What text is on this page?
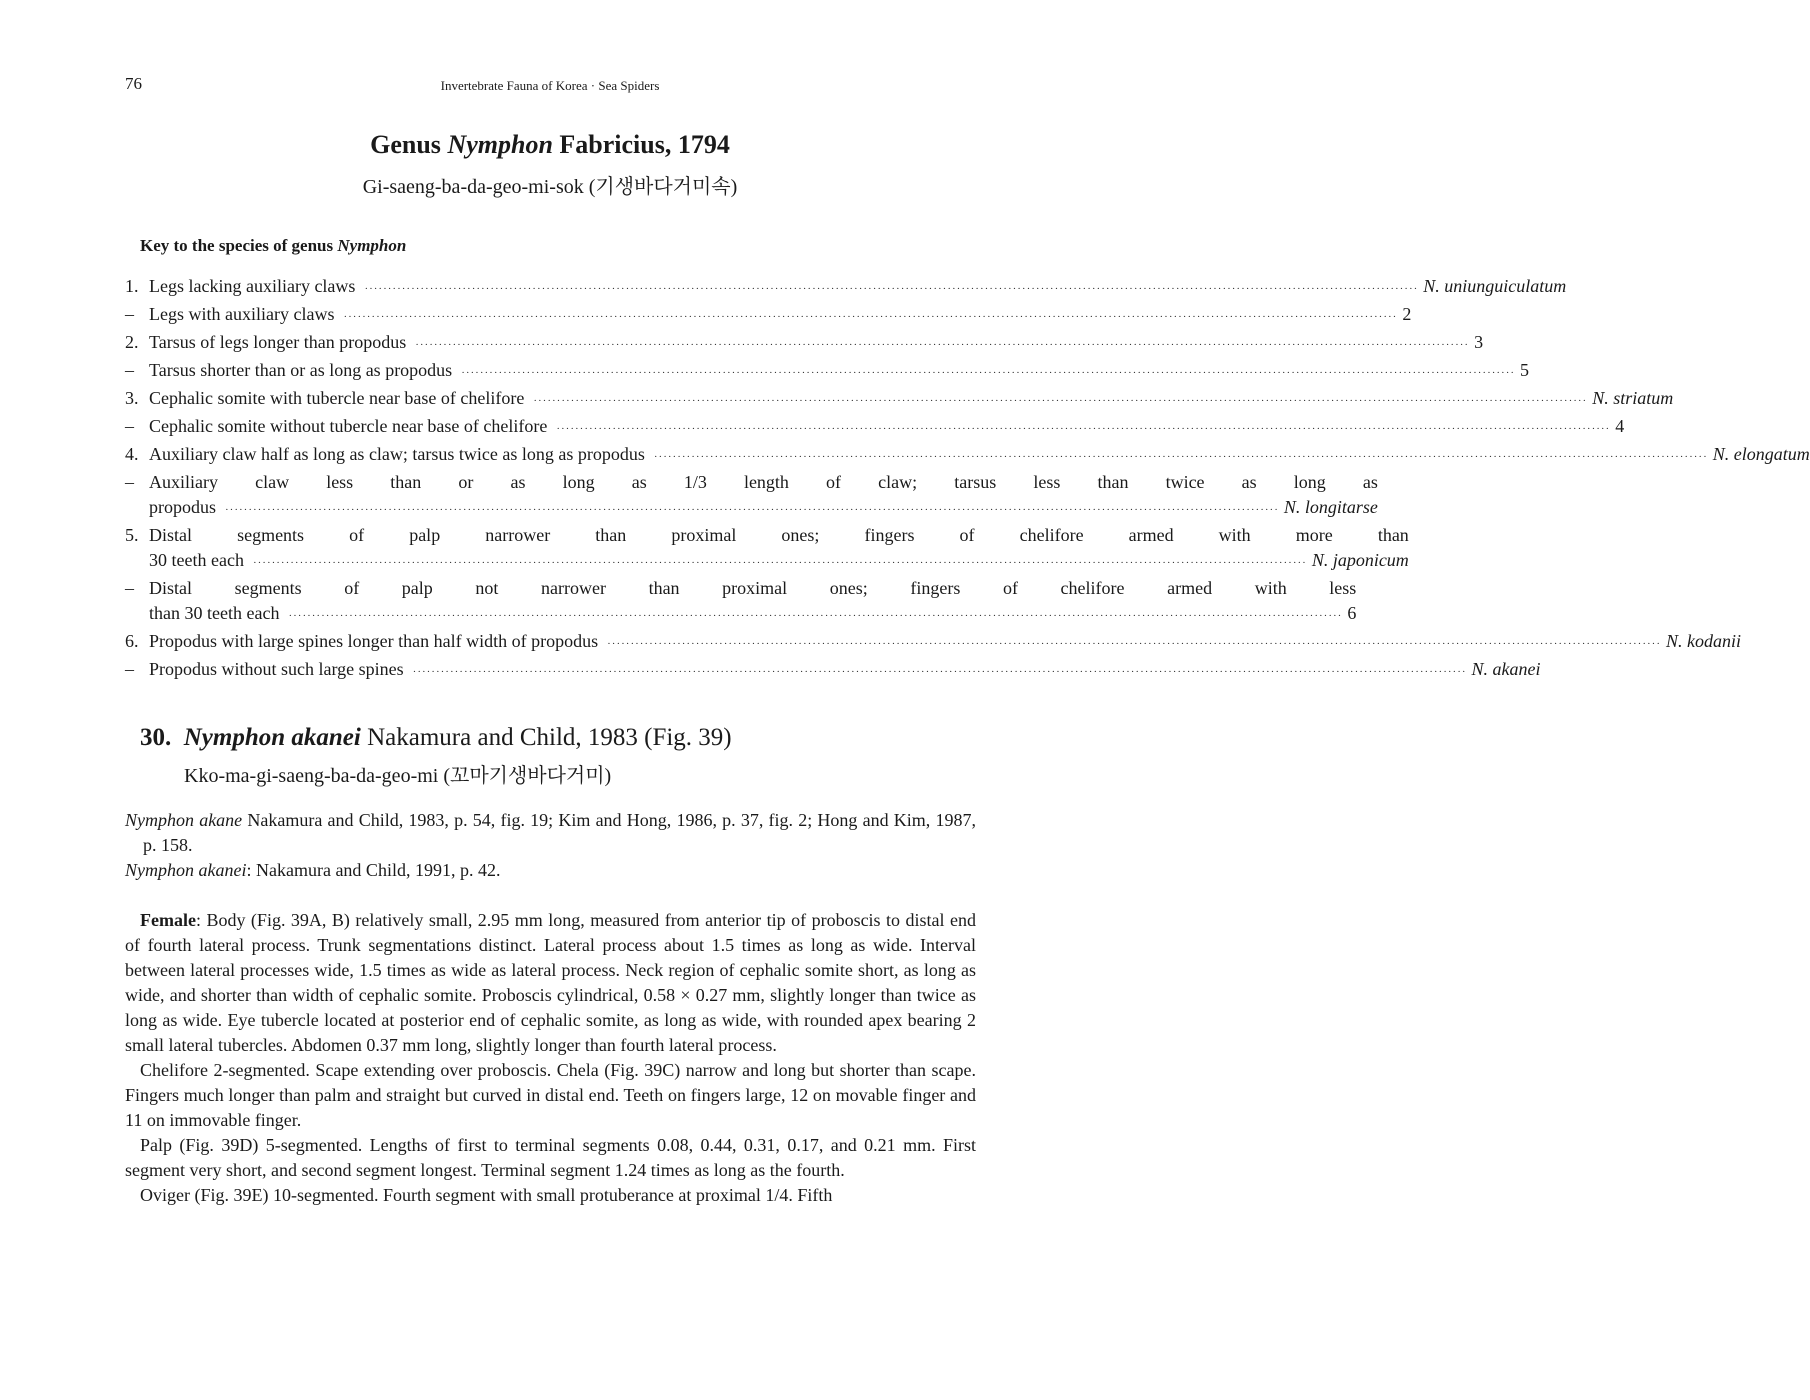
76	Invertebrate Fauna of Korea · Sea Spiders
Genus Nymphon Fabricius, 1794
Gi-saeng-ba-da-geo-mi-sok (기생바다거미속)
Key to the species of genus Nymphon
1. Legs lacking auxiliary claws ·····	N. uniunguiculatum
– Legs with auxiliary claws ·····	2
2. Tarsus of legs longer than propodus ·····	3
– Tarsus shorter than or as long as propodus ·····	5
3. Cephalic somite with tubercle near base of chelifore ·····	N. striatum
– Cephalic somite without tubercle near base of chelifore ·····	4
4. Auxiliary claw half as long as claw; tarsus twice as long as propodus ·····	N. elongatum
– Auxiliary claw less than or as long as 1/3 length of claw; tarsus less than twice as long as
propodus ·····	N. longitarse
5. Distal segments of palp narrower than proximal ones; fingers of chelifore armed with more than
30 teeth each ·····	N. japonicum
– Distal segments of palp not narrower than proximal ones; fingers of chelifore armed with less
than 30 teeth each ·····	6
6. Propodus with large spines longer than half width of propodus ·····	N. kodanii
– Propodus without such large spines ·····	N. akanei
30. Nymphon akanei Nakamura and Child, 1983 (Fig. 39)
Kko-ma-gi-saeng-ba-da-geo-mi (꼬마기생바다거미)

Nymphon akane Nakamura and Child, 1983, p. 54, fig. 19; Kim and Hong, 1986, p. 37, fig. 2; Hong and Kim, 1987, p. 158.

Nymphon akanei: Nakamura and Child, 1991, p. 42.

Female: Body (Fig. 39A, B) relatively small, 2.95 mm long, measured from anterior tip of proboscis to distal end of fourth lateral process. Trunk segmentations distinct. Lateral process about 1.5 times as long as wide. Interval between lateral processes wide, 1.5 times as wide as lateral process. Neck region of cephalic somite short, as long as wide, and shorter than width of cephalic somite. Proboscis cylindrical, 0.58 × 0.27 mm, slightly longer than twice as long as wide. Eye tubercle located at posterior end of cephalic somite, as long as wide, with rounded apex bearing 2 small lateral tubercles. Abdomen 0.37 mm long, slightly longer than fourth lateral process.

Chelifore 2-segmented. Scape extending over proboscis. Chela (Fig. 39C) narrow and long but shorter than scape. Fingers much longer than palm and straight but curved in distal end. Teeth on fingers large, 12 on movable finger and 11 on immovable finger.

Palp (Fig. 39D) 5-segmented. Lengths of first to terminal segments 0.08, 0.44, 0.31, 0.17, and 0.21 mm. First segment very short, and second segment longest. Terminal segment 1.24 times as long as the fourth.

Oviger (Fig. 39E) 10-segmented. Fourth segment with small protuberance at proximal 1/4. Fifth
